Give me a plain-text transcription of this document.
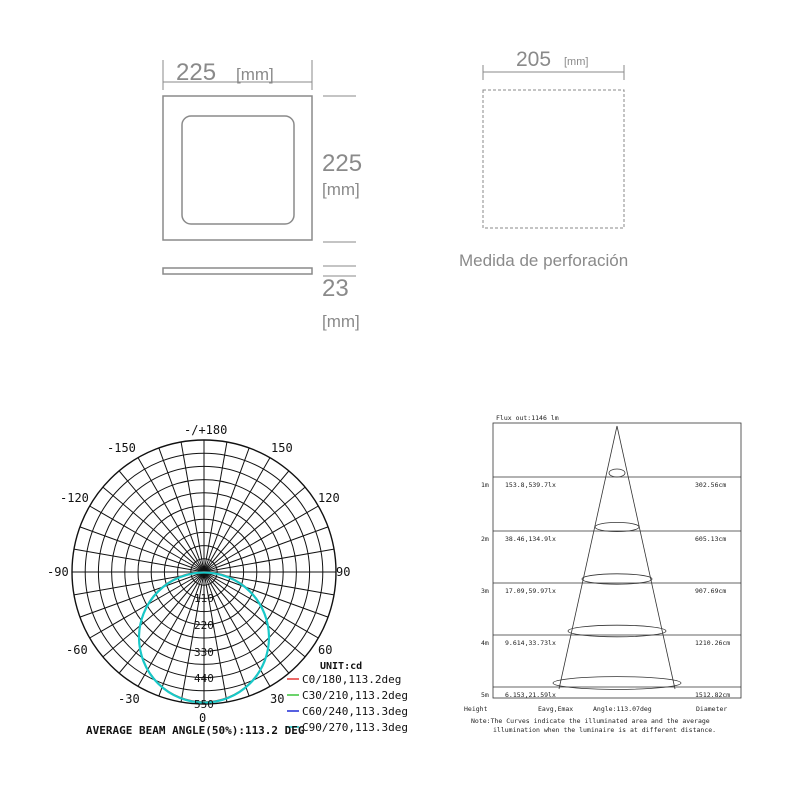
225 [mm]
225
[mm]
23
[mm]
205 [mm]
Medida de perforación
-/+180
-150	150
-120	120
-90	90
-60	60
-30	30
0
110
220
330
440
550
UNIT:cd
C0/180,113.2deg
C30/210,113.2deg
C60/240,113.3deg
C90/270,113.3deg
AVERAGE BEAM ANGLE(50%):113.2 DEG
Flux out:1146 lm
1m 153.8,539.7lx	302.56cm
2m 38.46,134.9lx	605.13cm
3m 17.09,59.97lx	907.69cm
4m 9.614,33.73lx	1210.26cm
5m 6.153,21.59lx	1512.82cm
Height	Eavg,Emax	Angle:113.07deg	Diameter
Note:The Curves indicate the illuminated area and the average
illumination when the luminaire is at different distance.
